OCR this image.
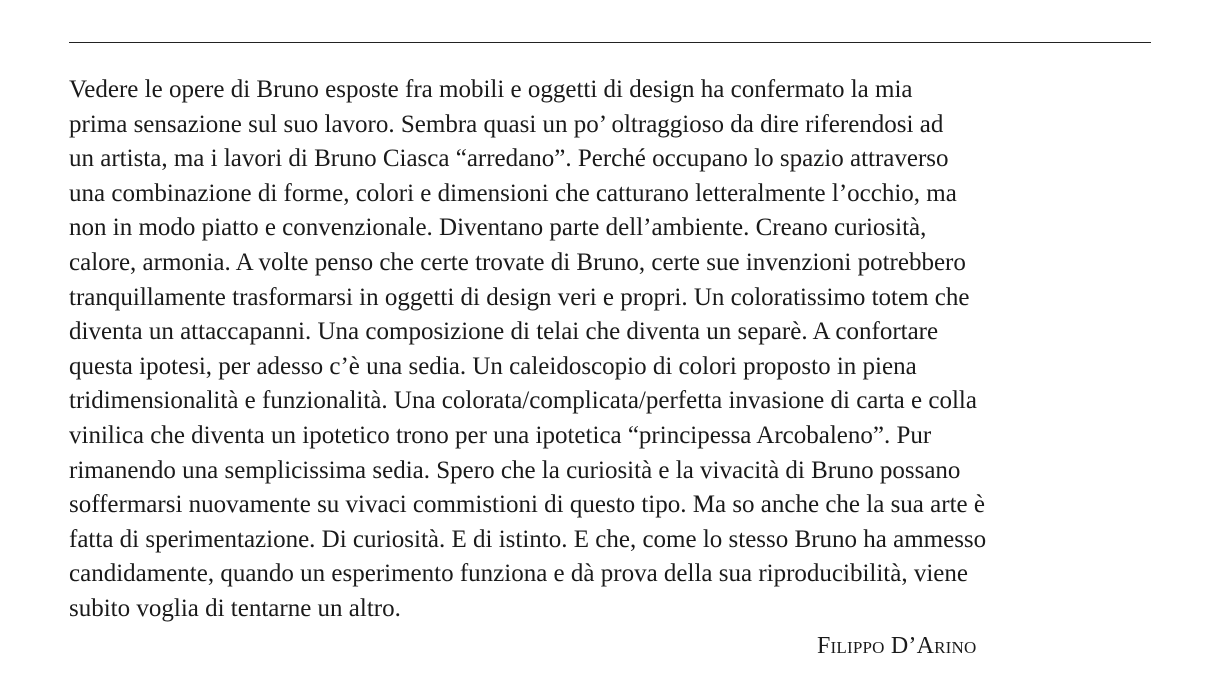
Vedere le opere di Bruno esposte fra mobili e oggetti di design ha confermato la mia
prima sensazione sul suo lavoro. Sembra quasi un po’ oltraggioso da dire riferendosi ad
un artista, ma i lavori di Bruno Ciasca “arredano”. Perché occupano lo spazio attraverso
una combinazione di forme, colori e dimensioni che catturano letteralmente l’occhio, ma
non in modo piatto e convenzionale. Diventano parte dell’ambiente. Creano curiosità,
calore, armonia. A volte penso che certe trovate di Bruno, certe sue invenzioni potrebbero
tranquillamente trasformarsi in oggetti di design veri e propri. Un coloratissimo totem che
diventa un attaccapanni. Una composizione di telai che diventa un separè. A confortare
questa ipotesi, per adesso c’è una sedia. Un caleidoscopio di colori proposto in piena
tridimensionalità e funzionalità. Una colorata/complicata/perfetta invasione di carta e colla
vinilica che diventa un ipotetico trono per una ipotetica “principessa Arcobaleno”. Pur
rimanendo una semplicissima sedia. Spero che la curiosità e la vivacità di Bruno possano
soffermarsi nuovamente su vivaci commistioni di questo tipo. Ma so anche che la sua arte è
fatta di sperimentazione. Di curiosità. E di istinto. E che, come lo stesso Bruno ha ammesso
candidamente, quando un esperimento funziona e dà prova della sua riproducibilità, viene
subito voglia di tentarne un altro.

Filippo D’Arino
